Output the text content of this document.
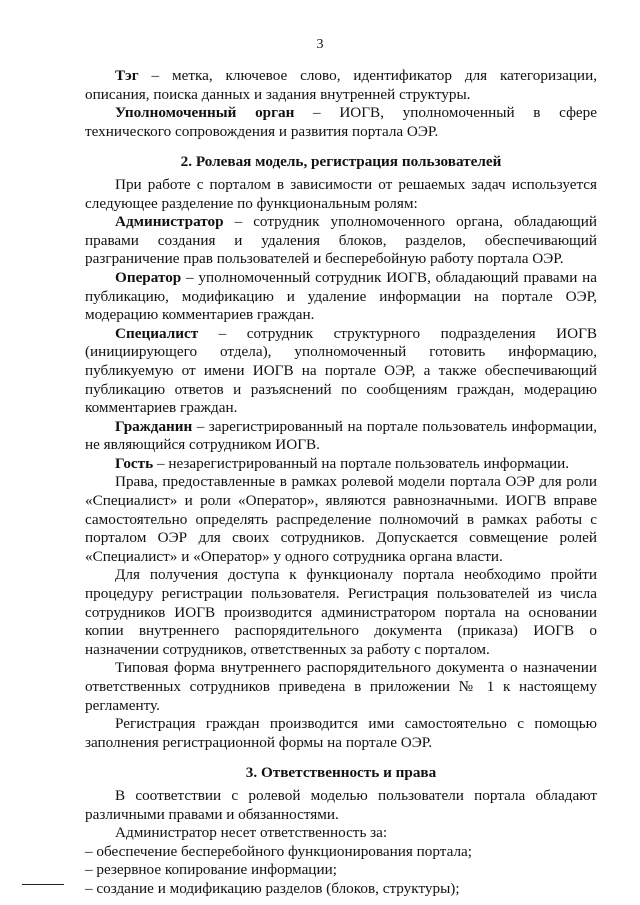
3

Тэг – метка, ключевое слово, идентификатор для категоризации, описания, поиска данных и задания внутренней структуры.

Уполномоченный орган – ИОГВ, уполномоченный в сфере технического сопровождения и развития портала ОЭР.

2. Ролевая модель, регистрация пользователей

При работе с порталом в зависимости от решаемых задач используется следующее разделение по функциональным ролям:

Администратор – сотрудник уполномоченного органа, обладающий правами создания и удаления блоков, разделов, обеспечивающий разграничение прав пользователей и бесперебойную работу портала ОЭР.

Оператор – уполномоченный сотрудник ИОГВ, обладающий правами на публикацию, модификацию и удаление информации на портале ОЭР, модерацию комментариев граждан.

Специалист – сотрудник структурного подразделения ИОГВ (инициирующего отдела), уполномоченный готовить информацию, публикуемую от имени ИОГВ на портале ОЭР, а также обеспечивающий публикацию ответов и разъяснений по сообщениям граждан, модерацию комментариев граждан.

Гражданин – зарегистрированный на портале пользователь информации, не являющийся сотрудником ИОГВ.

Гость – незарегистрированный на портале пользователь информации.

Права, предоставленные в рамках ролевой модели портала ОЭР для роли «Специалист» и роли «Оператор», являются равнозначными. ИОГВ вправе самостоятельно определять распределение полномочий в рамках работы с порталом ОЭР для своих сотрудников. Допускается совмещение ролей «Специалист» и «Оператор» у одного сотрудника органа власти.

Для получения доступа к функционалу портала необходимо пройти процедуру регистрации пользователя. Регистрация пользователей из числа сотрудников ИОГВ производится администратором портала на основании копии внутреннего распорядительного документа (приказа) ИОГВ о назначении сотрудников, ответственных за работу с порталом.

Типовая форма внутреннего распорядительного документа о назначении ответственных сотрудников приведена в приложении № 1 к настоящему регламенту.

Регистрация граждан производится ими самостоятельно с помощью заполнения регистрационной формы на портале ОЭР.

3. Ответственность и права

В соответствии с ролевой моделью пользователи портала обладают различными правами и обязанностями.

Администратор несет ответственность за:

– обеспечение бесперебойного функционирования портала;

– резервное копирование информации;

– создание и модификацию разделов (блоков, структуры);
